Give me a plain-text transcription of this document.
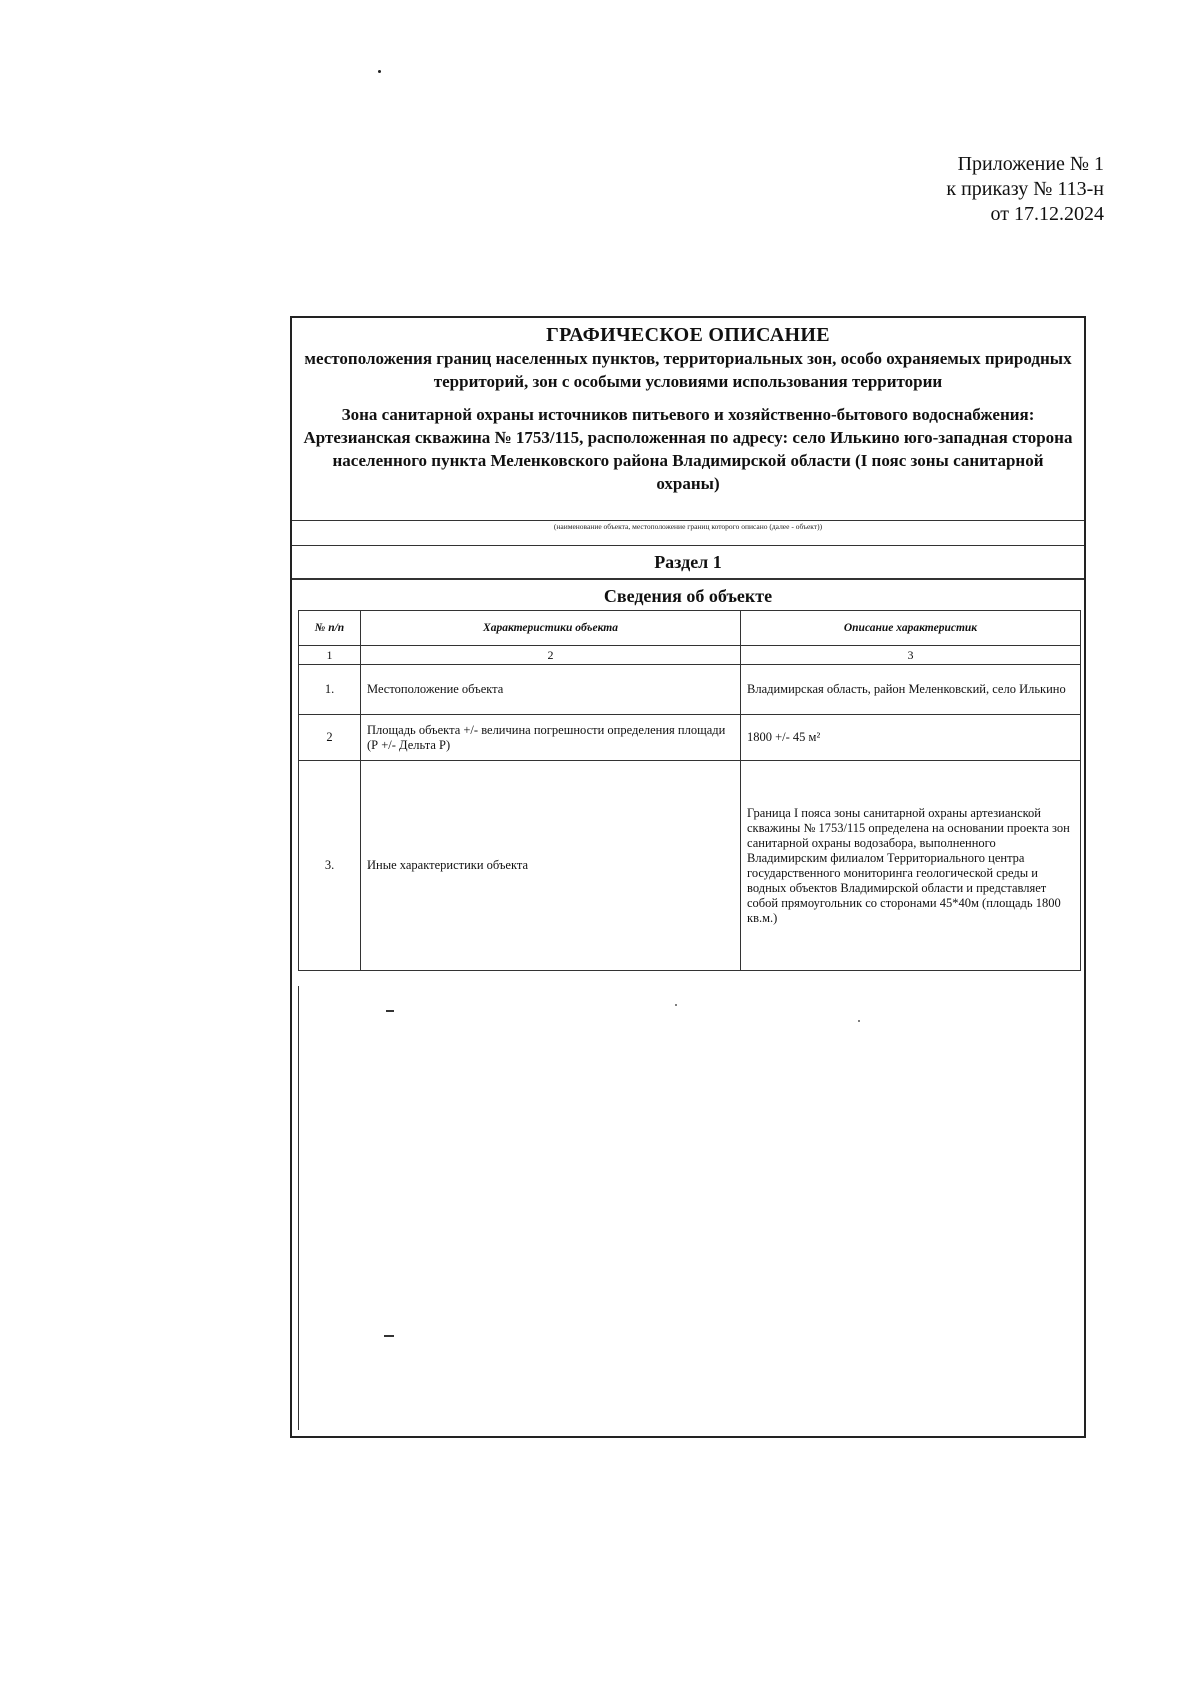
Приложение № 1
к приказу № 113-н
от 17.12.2024
ГРАФИЧЕСКОЕ ОПИСАНИЕ
местоположения границ населенных пунктов, территориальных зон, особо охраняемых природных территорий, зон с особыми условиями использования территории
Зона санитарной охраны источников питьевого и хозяйственно-бытового водоснабжения: Артезианская скважина № 1753/115, расположенная по адресу: село Илькино юго-западная сторона населенного пункта Меленковского района Владимирской области (I пояс зоны санитарной охраны)
(наименование объекта, местоположение границ которого описано (далее - объект))
Раздел 1
Сведения об объекте
№ п/п	Характеристики объекта	Описание характеристик
1	2	3
1.	Местоположение объекта	Владимирская область, район Меленковский, село Илькино
2	Площадь объекта +/- величина погрешности определения площади (Р +/- Дельта Р)	1800 +/- 45 м²
3.	Иные характеристики объекта	Граница I пояса зоны санитарной охраны артезианской скважины № 1753/115 определена на основании проекта зон санитарной охраны водозабора, выполненного Владимирским филиалом Территориального центра государственного мониторинга геологической среды и водных объектов Владимирской области и представляет собой прямоугольник со сторонами 45*40м (площадь 1800 кв.м.)
